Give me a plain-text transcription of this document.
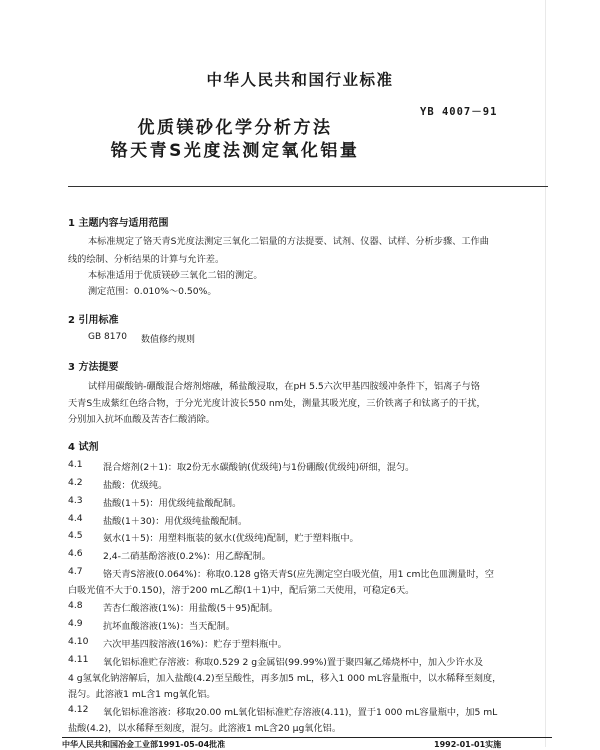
中华人民共和国行业标准
YB 4007－91
优质镁砂化学分析方法
铬天青S光度法测定氧化铝量
1 主题内容与适用范围
本标准规定了铬天青S光度法测定三氧化二铝量的方法提要、试剂、仪器、试样、分析步骤、工作曲
线的绘制、分析结果的计算与允许差。
本标准适用于优质镁砂三氧化二铝的测定。
测定范围：0.010%～0.50%。
2 引用标准
GB 8170 数值修约规则
3 方法提要
试样用碳酸钠-硼酸混合熔剂熔融，稀盐酸浸取，在pH 5.5六次甲基四胺缓冲条件下，铝离子与铬
天青S生成紫红色络合物，于分光光度计波长550 nm处，测量其吸光度，三价铁离子和钛离子的干扰，
分别加入抗坏血酸及苦杏仁酸消除。
4 试剂
4.1	混合熔剂(2＋1)：取2份无水碳酸钠(优级纯)与1份硼酸(优级纯)研细，混匀。
4.2	盐酸：优级纯。
4.3	盐酸(1＋5)：用优级纯盐酸配制。
4.4	盐酸(1＋30)：用优级纯盐酸配制。
4.5	氨水(1＋5)：用塑料瓶装的氨水(优级纯)配制，贮于塑料瓶中。
4.6	2,4-二硝基酚溶液(0.2%)：用乙醇配制。
4.7	铬天青S溶液(0.064%)：称取0.128 g铬天青S(应先测定空白吸光值，用1 cm比色皿测量时，空
白吸光值不大于0.150)，溶于200 mL乙醇(1＋1)中，配后第二天使用，可稳定6天。
4.8	苦杏仁酸溶液(1%)：用盐酸(5＋95)配制。
4.9	抗坏血酸溶液(1%)：当天配制。
4.10	六次甲基四胺溶液(16%)：贮存于塑料瓶中。
4.11	氧化铝标准贮存溶液：称取0.529 2 g金属铝(99.99%)置于聚四氟乙烯烧杯中，加入少许水及
4 g氢氧化钠溶解后，加入盐酸(4.2)至呈酸性，再多加5 mL，移入1 000 mL容量瓶中，以水稀释至刻度，
混匀。此溶液1 mL含1 mg氧化铝。
4.12	氧化铝标准溶液：移取20.00 mL氧化铝标准贮存溶液(4.11)，置于1 000 mL容量瓶中，加5 mL
盐酸(4.2)，以水稀释至刻度，混匀。此溶液1 mL含20 μg氧化铝。
中华人民共和国冶金工业部1991-05-04批准	1992-01-01实施
